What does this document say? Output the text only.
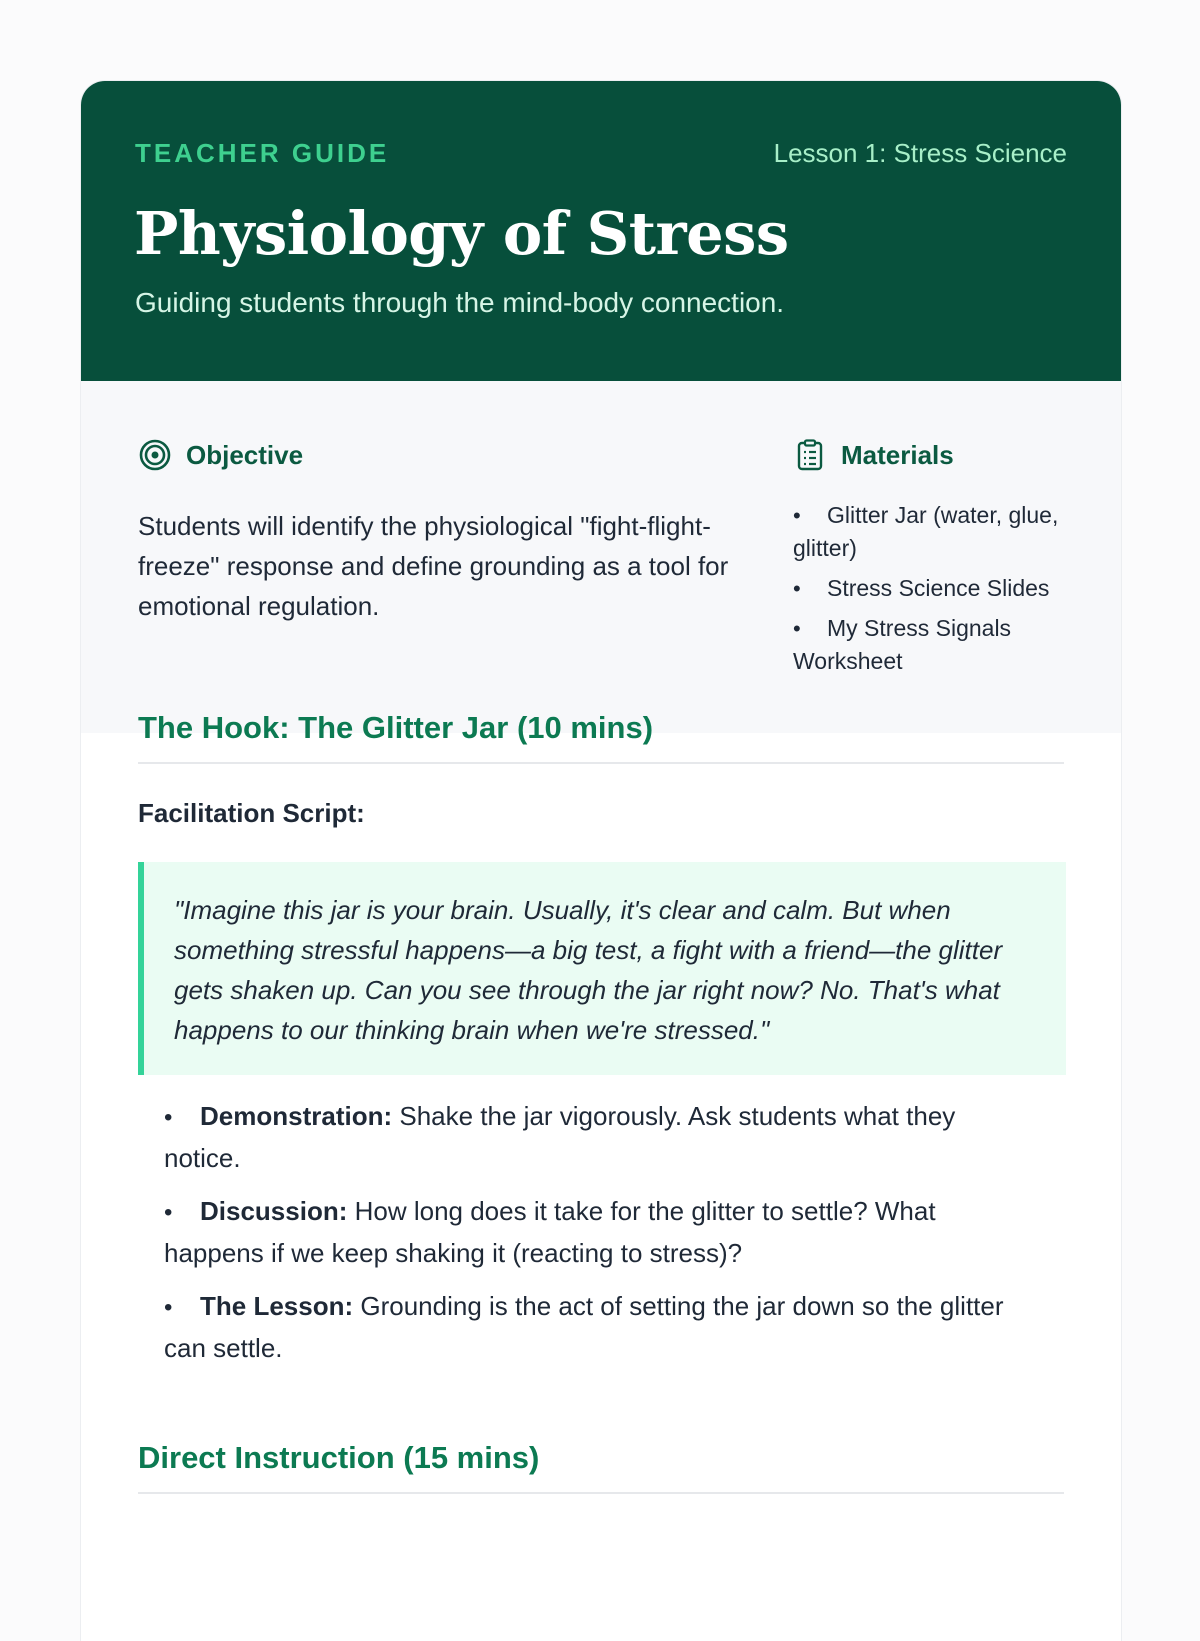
TEACHER GUIDE	Lesson 1: Stress Science
Physiology of Stress
Guiding students through the mind-body connection.
Objective

Students will identify the physiological "fight-flight-freeze" response and define grounding as a tool for emotional regulation.

Materials
• Glitter Jar (water, glue, glitter)
• Stress Science Slides
• My Stress Signals Worksheet
The Hook: The Glitter Jar (10 mins)
Facilitation Script:
"Imagine this jar is your brain. Usually, it's clear and calm. But when something stressful happens—a big test, a fight with a friend—the glitter gets shaken up. Can you see through the jar right now? No. That's what happens to our thinking brain when we're stressed."
• Demonstration: Shake the jar vigorously. Ask students what they notice.
• Discussion: How long does it take for the glitter to settle? What happens if we keep shaking it (reacting to stress)?
• The Lesson: Grounding is the act of setting the jar down so the glitter can settle.
Direct Instruction (15 mins)
